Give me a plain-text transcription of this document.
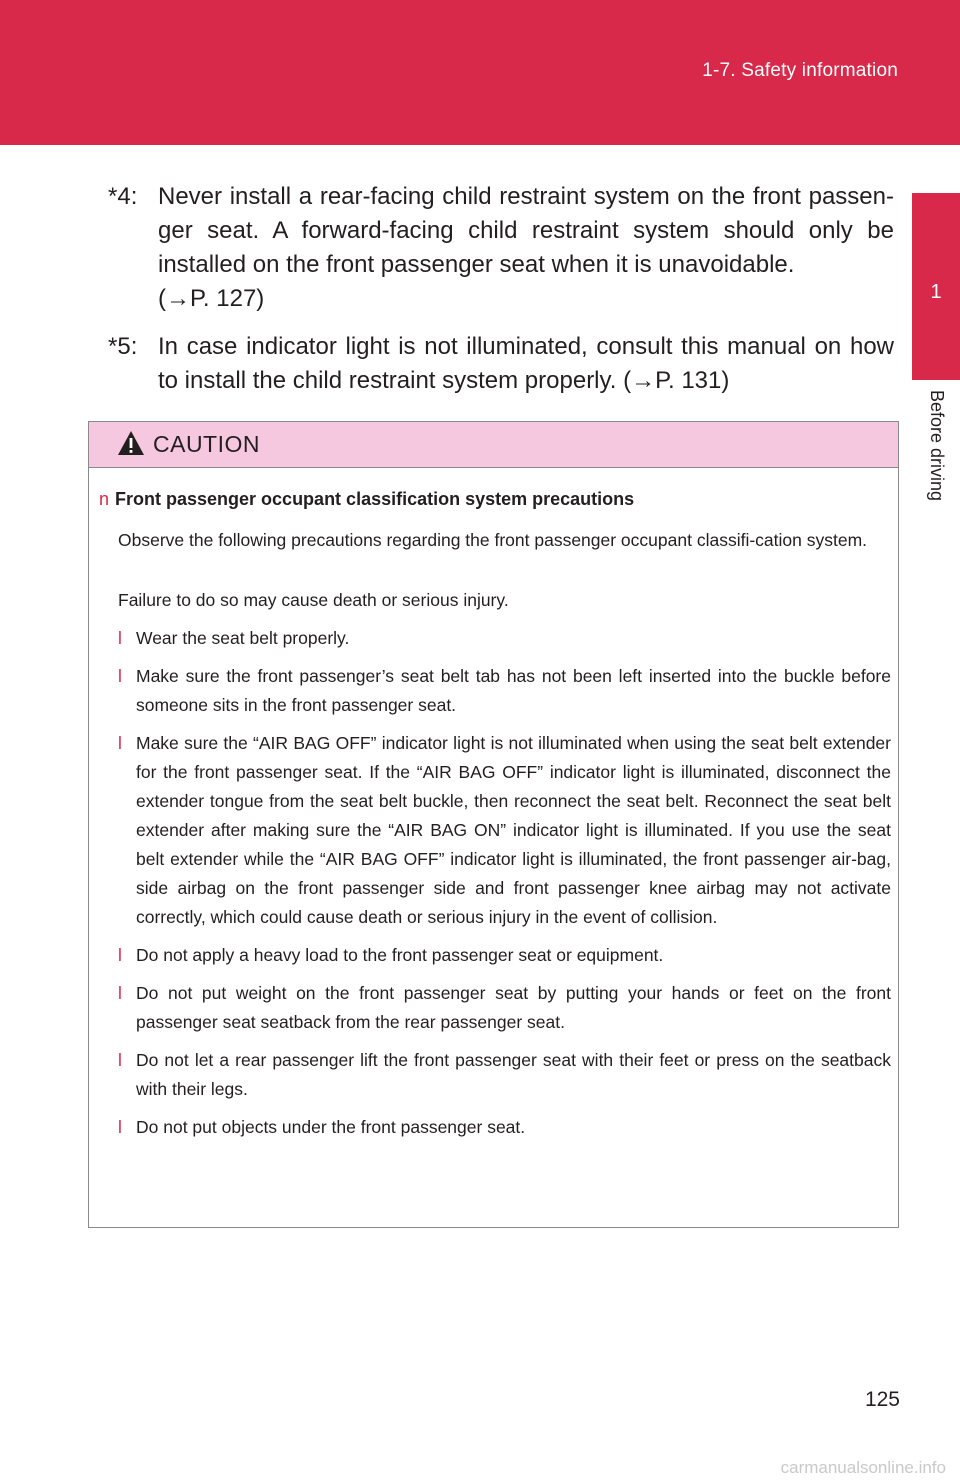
1-7. Safety information
1
Before driving
*4: Never install a rear-facing child restraint system on the front passen-ger seat. A forward-facing child restraint system should only be installed on the front passenger seat when it is unavoidable.
(→P. 127)
*5: In case indicator light is not illuminated, consult this manual on how to install the child restraint system properly. (→P. 131)
CAUTION
n Front passenger occupant classification system precautions
Observe the following precautions regarding the front passenger occupant classifi-cation system.
Failure to do so may cause death or serious injury.
l Wear the seat belt properly.
l Make sure the front passenger’s seat belt tab has not been left inserted into the buckle before someone sits in the front passenger seat.
l Make sure the “AIR BAG OFF” indicator light is not illuminated when using the seat belt extender for the front passenger seat. If the “AIR BAG OFF” indicator light is illuminated, disconnect the extender tongue from the seat belt buckle, then reconnect the seat belt. Reconnect the seat belt extender after making sure the “AIR BAG ON” indicator light is illuminated. If you use the seat belt extender while the “AIR BAG OFF” indicator light is illuminated, the front passenger air-bag, side airbag on the front passenger side and front passenger knee airbag may not activate correctly, which could cause death or serious injury in the event of collision.
l Do not apply a heavy load to the front passenger seat or equipment.
l Do not put weight on the front passenger seat by putting your hands or feet on the front passenger seat seatback from the rear passenger seat.
l Do not let a rear passenger lift the front passenger seat with their feet or press on the seatback with their legs.
l Do not put objects under the front passenger seat.
125
carmanualsonline.info
